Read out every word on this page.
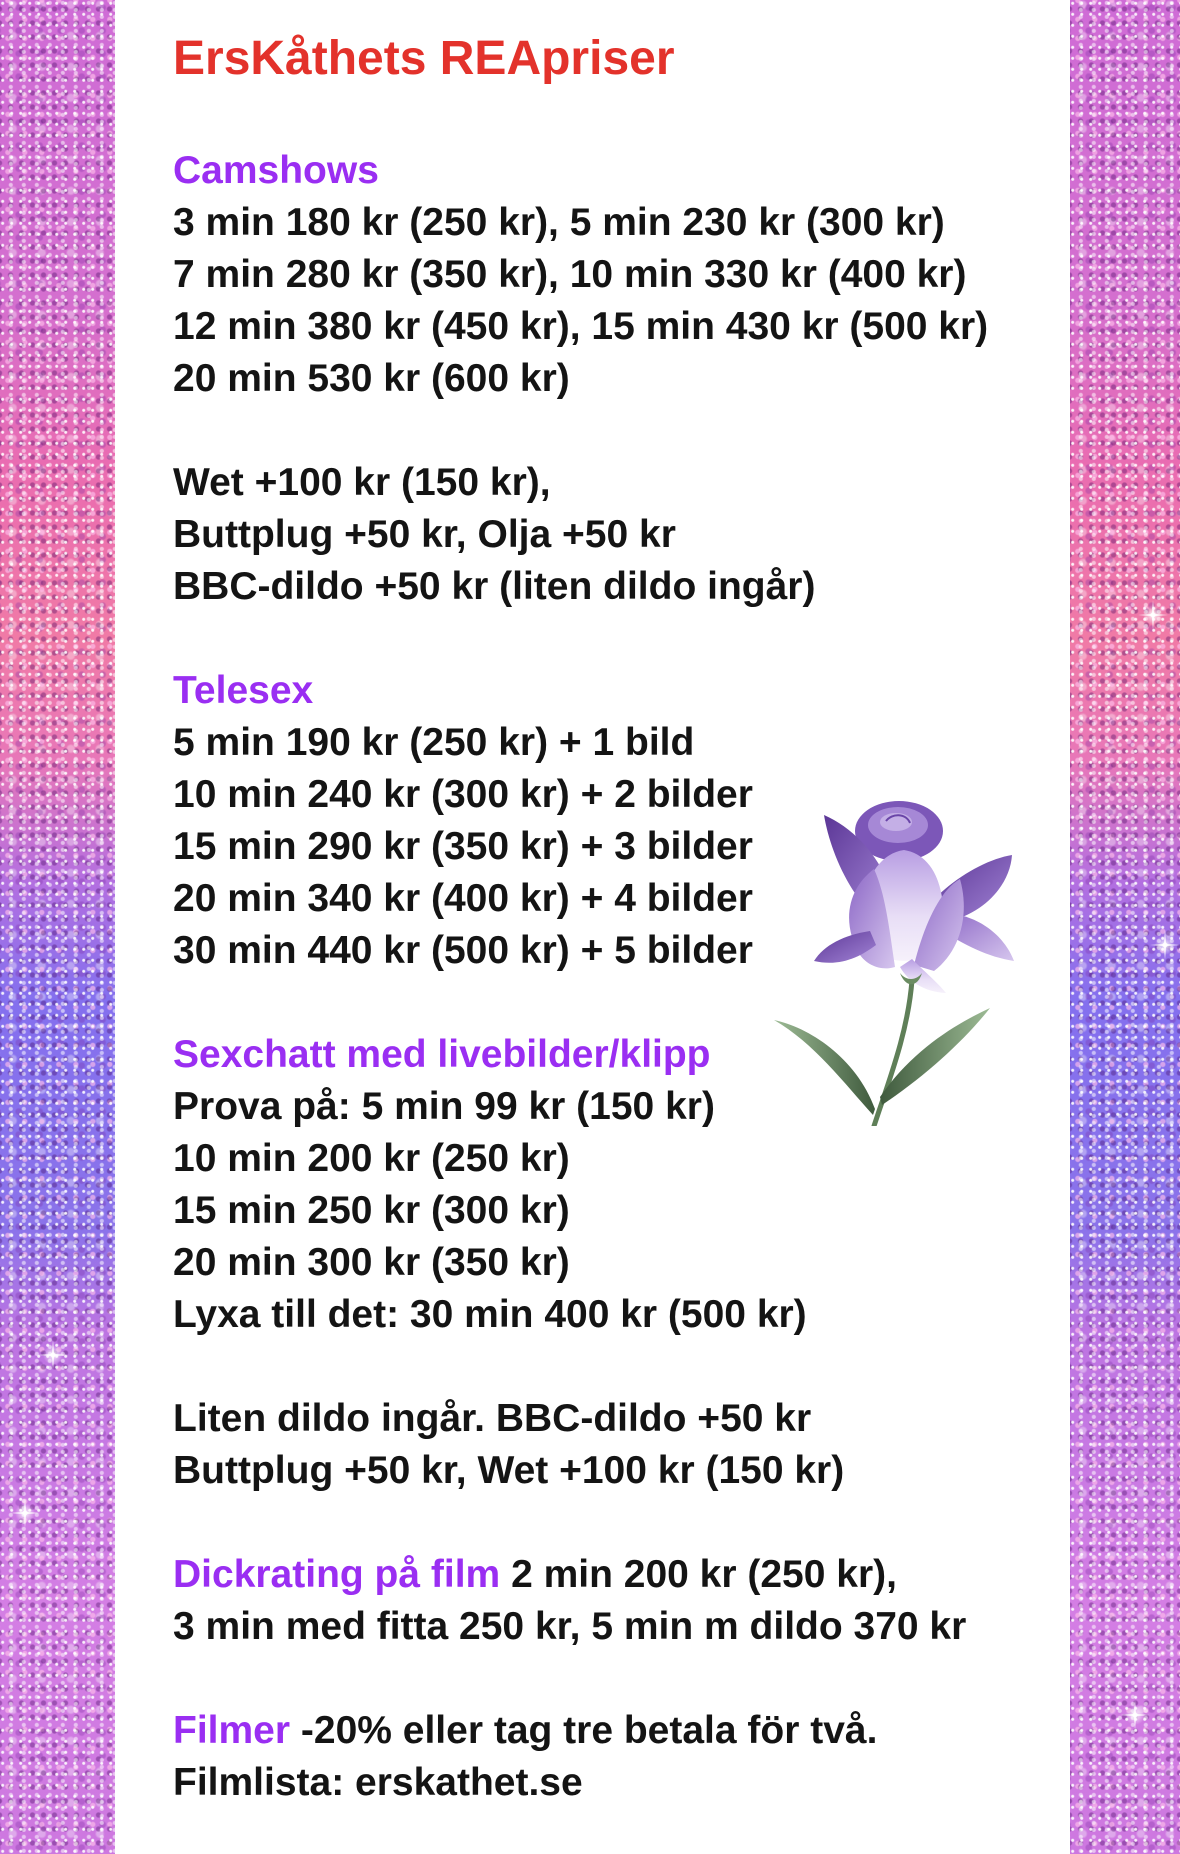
ErsKåthets REApriser
Camshows
3 min 180 kr (250 kr), 5 min 230 kr (300 kr)
7 min 280 kr (350 kr), 10 min 330 kr (400 kr)
12 min 380 kr (450 kr), 15 min 430 kr (500 kr)
20 min 530 kr (600 kr)
Wet +100 kr (150 kr),
Buttplug +50 kr, Olja +50 kr
BBC-dildo +50 kr (liten dildo ingår)
Telesex
5 min 190 kr (250 kr) + 1 bild
10 min 240 kr (300 kr) + 2 bilder
15 min 290 kr (350 kr) + 3 bilder
20 min 340 kr (400 kr) + 4 bilder
30 min 440 kr (500 kr) + 5 bilder
Sexchatt med livebilder/klipp
Prova på: 5 min 99 kr (150 kr)
10 min 200 kr (250 kr)
15 min 250 kr (300 kr)
20 min 300 kr (350 kr)
Lyxa till det: 30 min 400 kr (500 kr)
Liten dildo ingår. BBC-dildo +50 kr
Buttplug +50 kr, Wet +100 kr (150 kr)
Dickrating på film 2 min 200 kr (250 kr),
3 min med fitta 250 kr, 5 min m dildo 370 kr
Filmer -20% eller tag tre betala för två.
Filmlista: erskathet.se
